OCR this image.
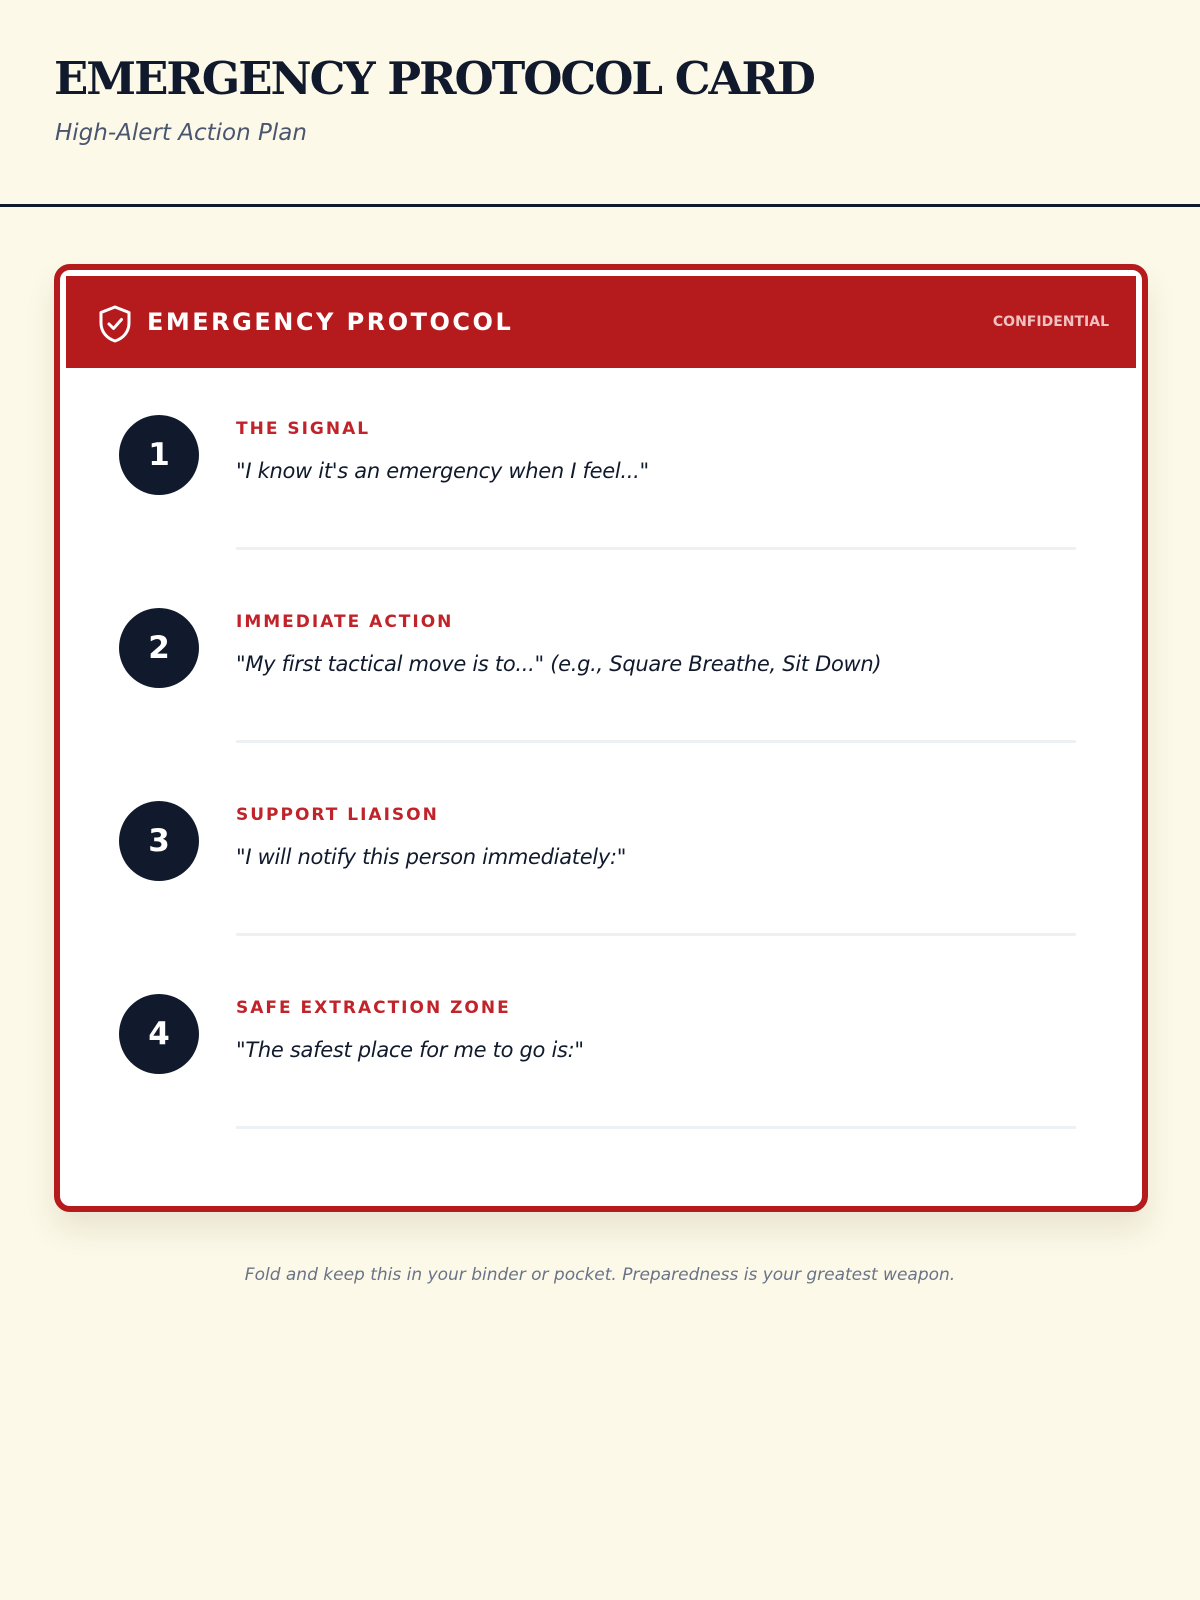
EMERGENCY PROTOCOL CARD

High-Alert Action Plan

EMERGENCY PROTOCOL	CONFIDENTIAL
1
THE SIGNAL
"I know it's an emergency when I feel..."
2
IMMEDIATE ACTION
"My first tactical move is to..." (e.g., Square Breathe, Sit Down)
3
SUPPORT LIAISON
"I will notify this person immediately:"
4
SAFE EXTRACTION ZONE
"The safest place for me to go is:"

Fold and keep this in your binder or pocket. Preparedness is your greatest weapon.
